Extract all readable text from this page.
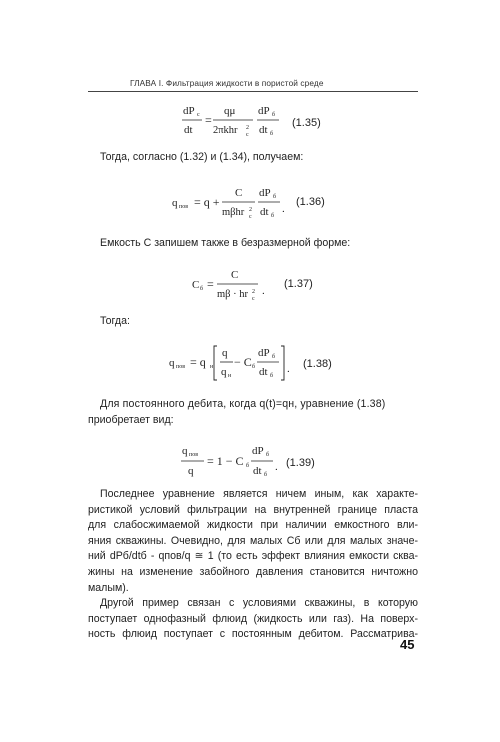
ГЛАВА I. Фильтрация жидкости в пористой среде
dP c
dt
=
qμ
2πkhr 2
c
dP б
dt б
(1.35)
Тогда, согласно (1.32) и (1.34), получаем:
q пов = q +
C
mβhr 2
c
dP б
dt б
.
(1.36)
Емкость C запишем также в безразмерной форме:
C б =
C
mβ · hr 2
c
.
(1.37)
Тогда:
q пов = q н
q
q н
− C б
dP б
dt б
. (1.38)
Для постоянного дебита, когда q(t)=qн, уравнение (1.38)
приобретает вид:
q пов
q
= 1 − C б
dP б
dt б
. (1.39)
Последнее уравнение является ничем иным, как характе-
ристикой условий фильтрации на внутренней границе пласта
для слабосжимаемой жидкости при наличии емкостного вли-
яния скважины. Очевидно, для малых Cб или для малых значе-
ний dPб/dtб - qпов/q ≅ 1 (то есть эффект влияния емкости сква-
жины на изменение забойного давления становится ничтожно
малым).
Другой пример связан с условиями скважины, в которую
поступает однофазный флюид (жидкость или газ). На поверх-
ность флюид поступает с постоянным дебитом. Рассматрива-
45
